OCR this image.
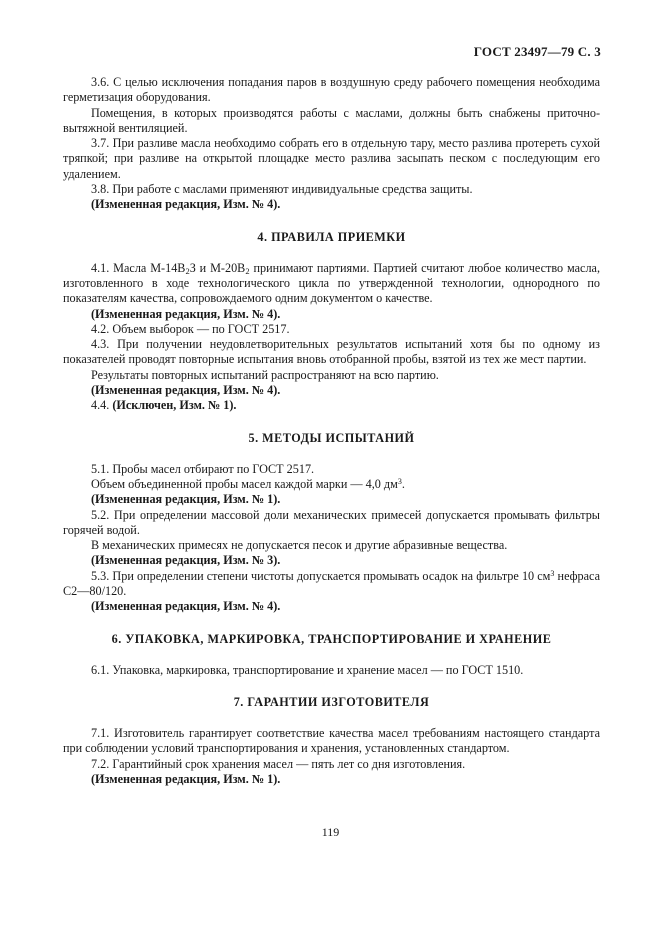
ГОСТ 23497—79 С. 3

3.6. С целью исключения попадания паров в воздушную среду рабочего помещения необходима герметизация оборудования.

Помещения, в которых производятся работы с маслами, должны быть снабжены приточно-вытяжной вентиляцией.

3.7. При разливе масла необходимо собрать его в отдельную тару, место разлива протереть сухой тряпкой; при разливе на открытой площадке место разлива засыпать песком с последующим его удалением.

3.8. При работе с маслами применяют индивидуальные средства защиты.

(Измененная редакция, Изм. № 4).

4. ПРАВИЛА ПРИЕМКИ

4.1. Масла $М-14В_2З$ и $М-20В_2$ принимают партиями. Партией считают любое количество масла, изготовленного в ходе технологического цикла по утвержденной технологии, однородного по показателям качества, сопровождаемого одним документом о качестве.

(Измененная редакция, Изм. № 4).

4.2. Объем выборок — по ГОСТ 2517.

4.3. При получении неудовлетворительных результатов испытаний хотя бы по одному из показателей проводят повторные испытания вновь отобранной пробы, взятой из тех же мест партии.

Результаты повторных испытаний распространяют на всю партию.

(Измененная редакция, Изм. № 4).

4.4. (Исключен, Изм. № 1).

5. МЕТОДЫ ИСПЫТАНИЙ

5.1. Пробы масел отбирают по ГОСТ 2517.

Объем объединенной пробы масел каждой марки — 4,0 $дм^3$.

(Измененная редакция, Изм. № 1).

5.2. При определении массовой доли механических примесей допускается промывать фильтры горячей водой.

В механических примесях не допускается песок и другие абразивные вещества.

(Измененная редакция, Изм. № 3).

5.3. При определении степени чистоты допускается промывать осадок на фильтре 10 $см^3$ нефраса С2—80/120.

(Измененная редакция, Изм. № 4).

6. УПАКОВКА, МАРКИРОВКА, ТРАНСПОРТИРОВАНИЕ И ХРАНЕНИЕ

6.1. Упаковка, маркировка, транспортирование и хранение масел — по ГОСТ 1510.

7. ГАРАНТИИ ИЗГОТОВИТЕЛЯ

7.1. Изготовитель гарантирует соответствие качества масел требованиям настоящего стандарта при соблюдении условий транспортирования и хранения, установленных стандартом.

7.2. Гарантийный срок хранения масел — пять лет со дня изготовления.

(Измененная редакция, Изм. № 1).

119
